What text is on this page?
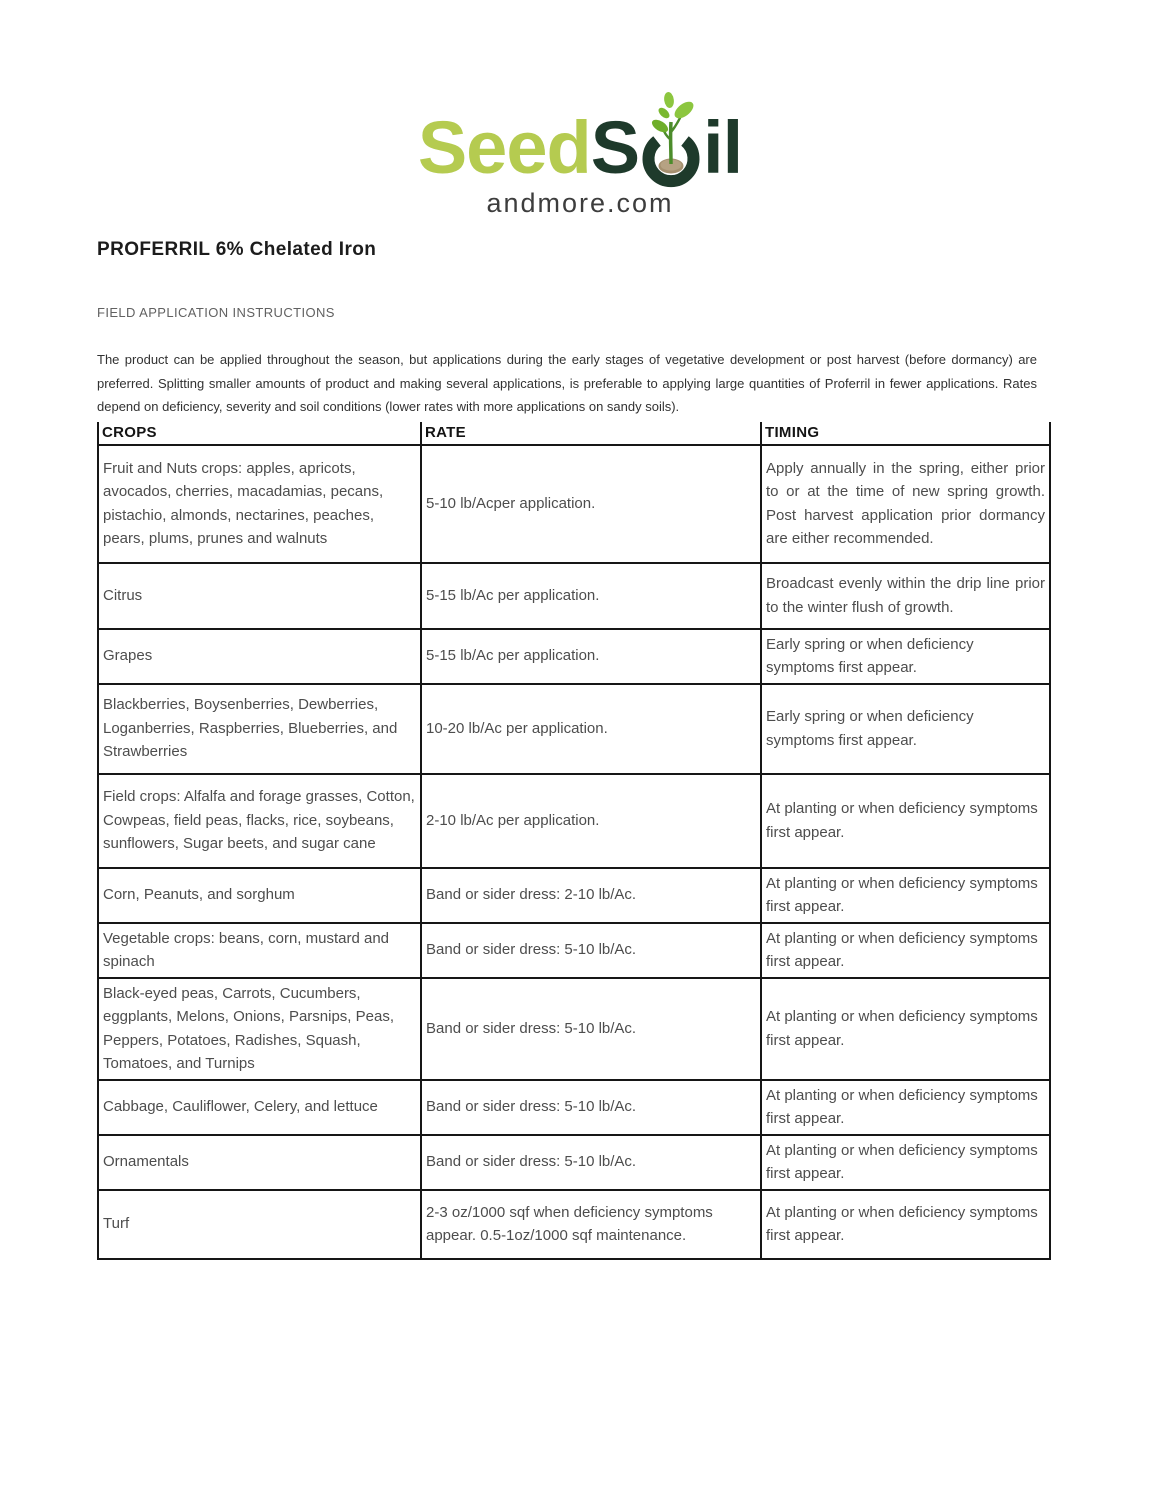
Seed S il
andmore.com
PROFERRIL 6% Chelated Iron
FIELD APPLICATION INSTRUCTIONS

The product can be applied throughout the season, but applications during the early stages of vegetative development or post harvest (before dormancy) are preferred. Splitting smaller amounts of product and making several applications, is preferable to applying large quantities of Proferril in fewer applications. Rates depend on deficiency, severity and soil conditions (lower rates with more applications on sandy soils).

CROPS	RATE	TIMING
Fruit and Nuts crops: apples, apricots, avocados, cherries, macadamias, pecans, pistachio, almonds, nectarines, peaches, pears, plums, prunes and walnuts	5-10 lb/Acper application.	Apply annually in the spring, either prior to or at the time of new spring growth. Post harvest application prior dormancy are either recommended.
Citrus	5-15 lb/Ac per application.	Broadcast evenly within the drip line prior to the winter flush of growth.
Grapes	5-15 lb/Ac per application.	Early spring or when deficiency symptoms first appear.
Blackberries, Boysenberries, Dewberries, Loganberries, Raspberries, Blueberries, and Strawberries	10-20 lb/Ac per application.	Early spring or when deficiency symptoms first appear.
Field crops: Alfalfa and forage grasses, Cotton, Cowpeas, field peas, flacks, rice, soybeans, sunflowers, Sugar beets, and sugar cane	2-10 lb/Ac per application.	At planting or when deficiency symptoms first appear.
Corn, Peanuts, and sorghum	Band or sider dress: 2-10 lb/Ac.	At planting or when deficiency symptoms first appear.
Vegetable crops: beans, corn, mustard and spinach	Band or sider dress: 5-10 lb/Ac.	At planting or when deficiency symptoms first appear.
Black-eyed peas, Carrots, Cucumbers, eggplants, Melons, Onions, Parsnips, Peas, Peppers, Potatoes, Radishes, Squash, Tomatoes, and Turnips	Band or sider dress: 5-10 lb/Ac.	At planting or when deficiency symptoms first appear.
Cabbage, Cauliflower, Celery, and lettuce	Band or sider dress: 5-10 lb/Ac.	At planting or when deficiency symptoms first appear.
Ornamentals	Band or sider dress: 5-10 lb/Ac.	At planting or when deficiency symptoms first appear.
Turf	2-3 oz/1000 sqf when deficiency symptoms appear. 0.5-1oz/1000 sqf maintenance.	At planting or when deficiency symptoms first appear.
